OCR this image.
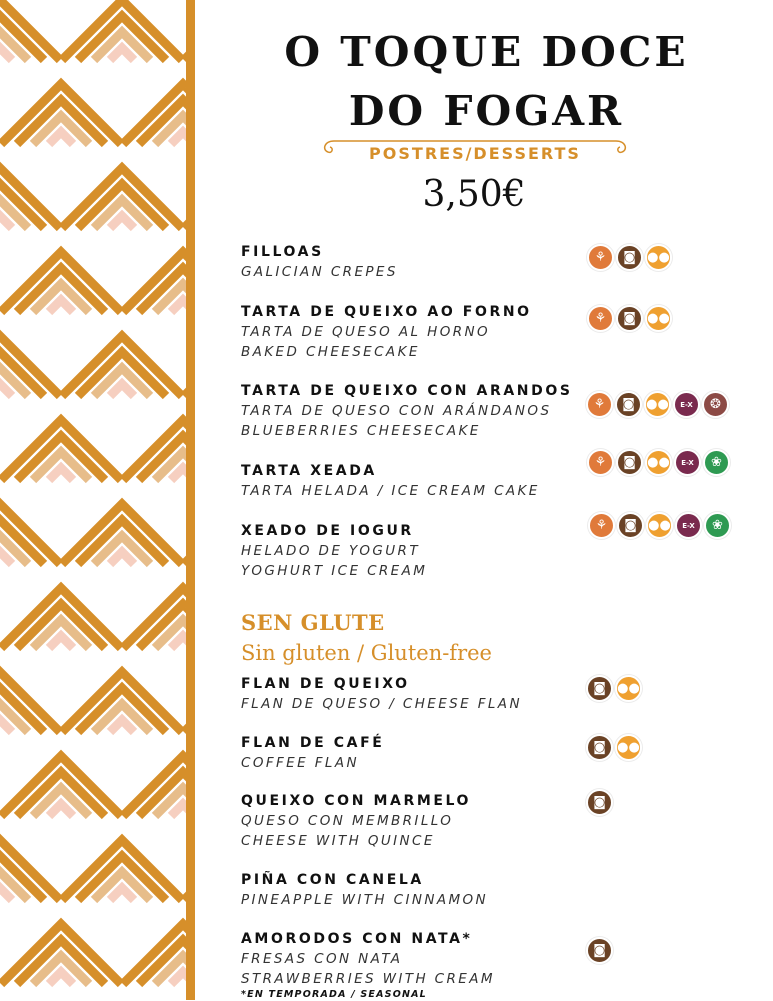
O TOQUE DOCE
DO FOGAR
POSTRES/DESSERTS
3,50€
FILLOAS
GALICIAN CREPES
⚘	◙ ●●
TARTA DE QUEIXO AO FORNO
TARTA DE QUESO AL HORNO
BAKED CHEESECAKE
⚘	◙ ●●
TARTA DE QUEIXO CON ARANDOS
TARTA DE QUESO CON ARÁNDANOS
BLUEBERRIES CHEESECAKE
⚘	◙ ●●	E-X	❂
TARTA XEADA
TARTA HELADA / ICE CREAM CAKE
⚘	◙ ●●	E-X	❀
XEADO DE IOGUR
HELADO DE YOGURT
YOGHURT ICE CREAM
⚘	◙ ●●	E-X	❀
SEN GLUTE
Sin gluten / Gluten-free
FLAN DE QUEIXO
FLAN DE QUESO / CHEESE FLAN
◙ ●●
FLAN DE CAFÉ
COFFEE FLAN
◙ ●●
QUEIXO CON MARMELO
QUESO CON MEMBRILLO
CHEESE WITH QUINCE
◙
PIÑA CON CANELA
PINEAPPLE WITH CINNAMON
AMORODOS CON NATA*
FRESAS CON NATA
STRAWBERRIES WITH CREAM
*EN TEMPORADA / SEASONAL
◙
